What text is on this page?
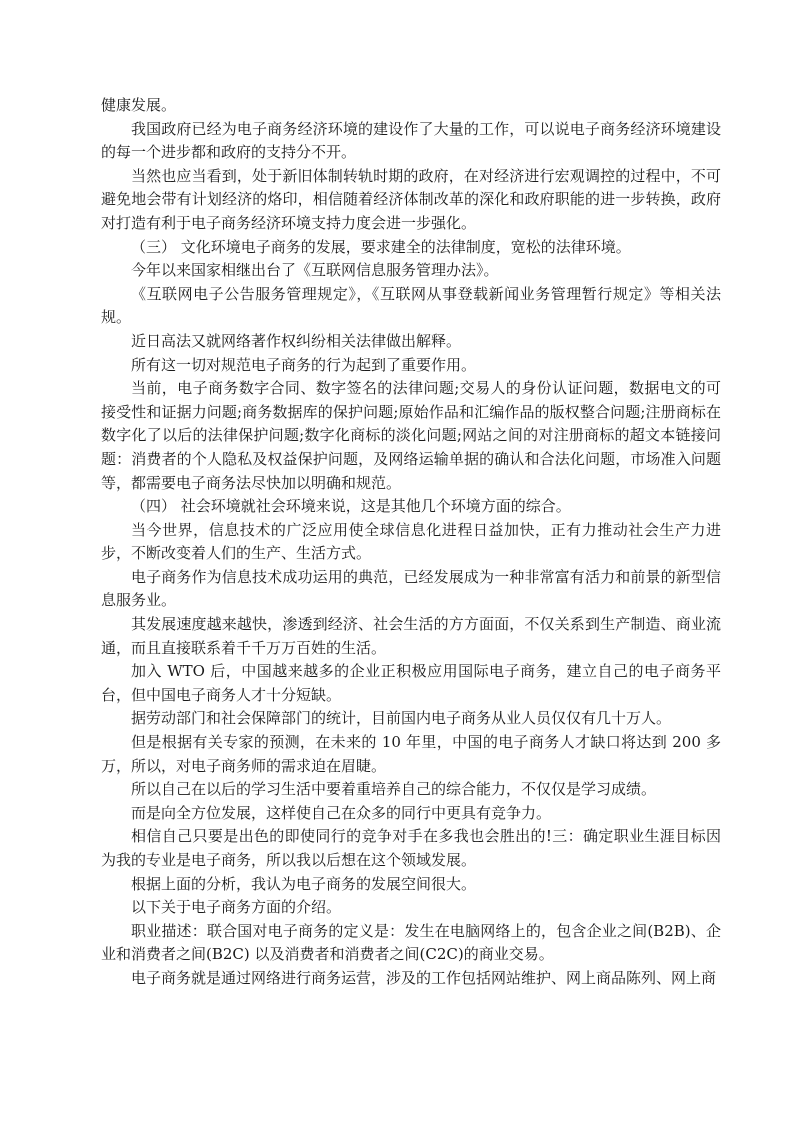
健康发展。

我国政府已经为电子商务经济环境的建设作了大量的工作，可以说电子商务经济环境建设的每一个进步都和政府的支持分不开。

当然也应当看到，处于新旧体制转轨时期的政府，在对经济进行宏观调控的过程中，不可避免地会带有计划经济的烙印，相信随着经济体制改革的深化和政府职能的进一步转换，政府对打造有利于电子商务经济环境支持力度会进一步强化。

（三） 文化环境电子商务的发展，要求建全的法律制度，宽松的法律环境。

今年以来国家相继出台了《互联网信息服务管理办法》。

《互联网电子公告服务管理规定》，《互联网从事登载新闻业务管理暂行规定》等相关法规。

近日高法又就网络著作权纠纷相关法律做出解释。

所有这一切对规范电子商务的行为起到了重要作用。

当前，电子商务数字合同、数字签名的法律问题;交易人的身份认证问题，数据电文的可接受性和证据力问题;商务数据库的保护问题;原始作品和汇编作品的版权整合问题;注册商标在数字化了以后的法律保护问题;数字化商标的淡化问题;网站之间的对注册商标的超文本链接问题：消费者的个人隐私及权益保护问题，及网络运输单据的确认和合法化问题，市场准入问题等，都需要电子商务法尽快加以明确和规范。

（四） 社会环境就社会环境来说，这是其他几个环境方面的综合。

当今世界，信息技术的广泛应用使全球信息化进程日益加快，正有力推动社会生产力进步，不断改变着人们的生产、生活方式。

电子商务作为信息技术成功运用的典范，已经发展成为一种非常富有活力和前景的新型信息服务业。

其发展速度越来越快，渗透到经济、社会生活的方方面面，不仅关系到生产制造、商业流通，而且直接联系着千千万万百姓的生活。

加入 WTO 后，中国越来越多的企业正积极应用国际电子商务，建立自己的电子商务平台，但中国电子商务人才十分短缺。

据劳动部门和社会保障部门的统计，目前国内电子商务从业人员仅仅有几十万人。

但是根据有关专家的预测，在未来的 10 年里，中国的电子商务人才缺口将达到 200 多万，所以，对电子商务师的需求迫在眉睫。

所以自己在以后的学习生活中要着重培养自己的综合能力，不仅仅是学习成绩。

而是向全方位发展，这样使自己在众多的同行中更具有竞争力。

相信自己只要是出色的即使同行的竞争对手在多我也会胜出的!三：确定职业生涯目标因为我的专业是电子商务，所以我以后想在这个领域发展。

根据上面的分析，我认为电子商务的发展空间很大。

以下关于电子商务方面的介绍。

职业描述：联合国对电子商务的定义是：发生在电脑网络上的，包含企业之间(B2B)、企业和消费者之间(B2C) 以及消费者和消费者之间(C2C)的商业交易。

电子商务就是通过网络进行商务运营，涉及的工作包括网站维护、网上商品陈列、网上商
